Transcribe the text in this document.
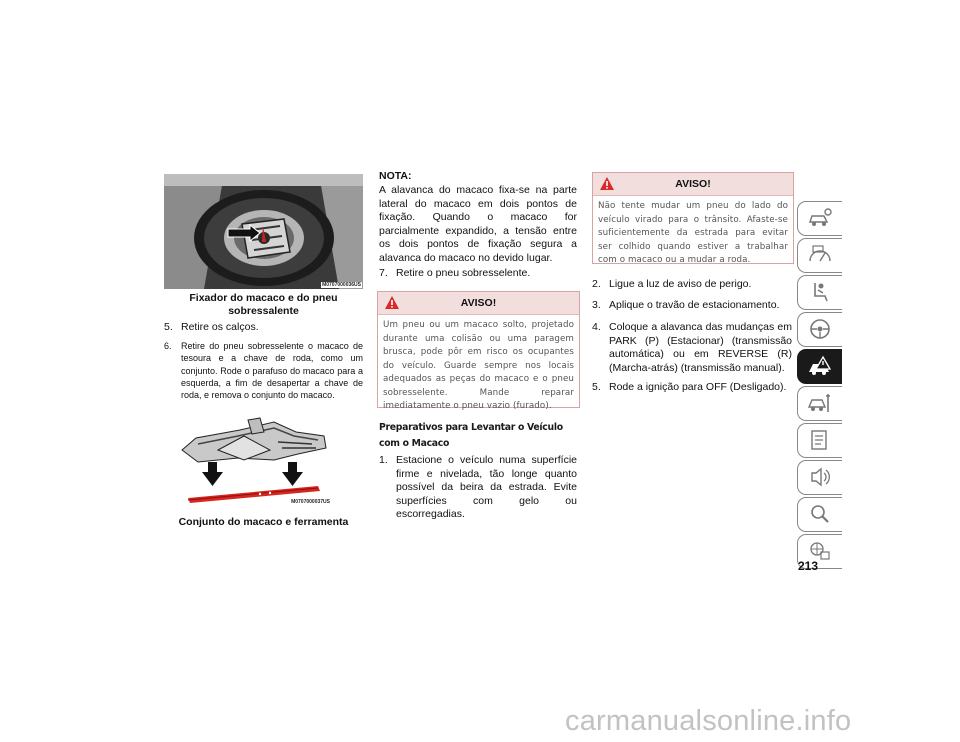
M0707000036US
Fixador do macaco e do pneu sobressalente
5. Retire os calços.
6.	Retire do pneu sobresselente o macaco de tesoura e a chave de roda, como um conjunto. Rode o parafuso do macaco para a esquerda, a fim de desapertar a chave de roda, e remova o conjunto do macaco.
M0707000037US
Conjunto do macaco e ferramenta
NOTA:
A alavanca do macaco fixa-se na parte lateral do macaco em dois pontos de fixação. Quando o macaco for parcialmente expandido, a tensão entre os dois pontos de fixação segura a alavanca do macaco no devido lugar.
7. Retire o pneu sobresselente.
AVISO!
Um pneu ou um macaco solto, projetado durante uma colisão ou uma paragem brusca, pode pôr em risco os ocupantes do veículo. Guarde sempre nos locais adequados as peças do macaco e o pneu sobresselente. Mande reparar imediatamente o pneu vazio (furado).
Preparativos para Levantar o Veículo com o Macaco
1. Estacione o veículo numa superfície firme e nivelada, tão longe quanto possível da beira da estrada. Evite superfícies com gelo ou escorregadias.
AVISO!
Não tente mudar um pneu do lado do veículo virado para o trânsito. Afaste-se suficientemente da estrada para evitar ser colhido quando estiver a trabalhar com o macaco ou a mudar a roda.
2. Ligue a luz de aviso de perigo.
3. Aplique o travão de estacionamento.
4. Coloque a alavanca das mudanças em PARK (P) (Estacionar) (transmissão automática) ou em REVERSE (R) (Marcha-atrás) (transmissão manual).
5. Rode a ignição para OFF (Desligado).
213
carmanualsonline.info
